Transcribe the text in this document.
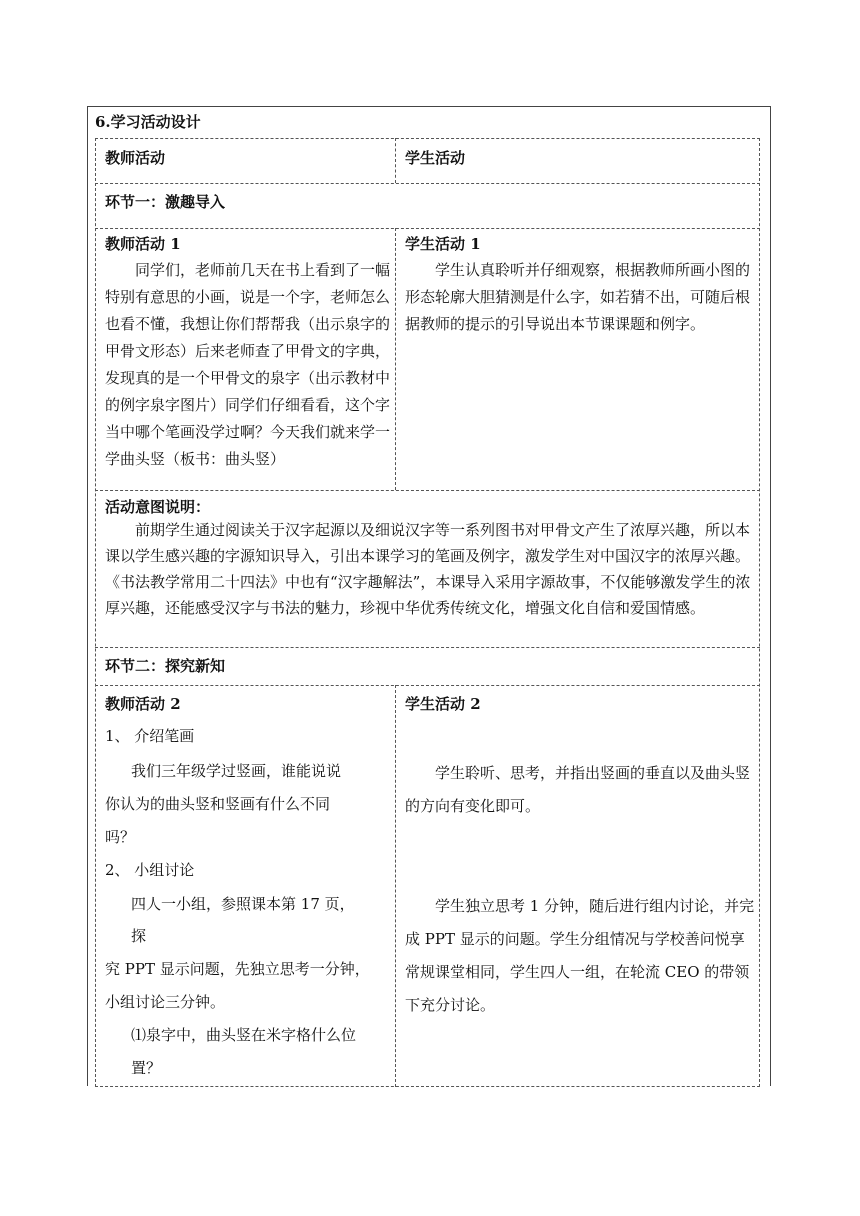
6.学习活动设计
教师活动	学生活动
环节一：激趣导入
教师活动 1

同学们，老师前几天在书上看到了一幅特别有意思的小画，说是一个字，老师怎么也看不懂，我想让你们帮帮我（出示泉字的甲骨文形态）后来老师查了甲骨文的字典，发现真的是一个甲骨文的泉字（出示教材中的例字泉字图片）同学们仔细看看，这个字当中哪个笔画没学过啊？今天我们就来学一学曲头竖（板书：曲头竖）

学生活动 1

学生认真聆听并仔细观察，根据教师所画小图的形态轮廓大胆猜测是什么字，如若猜不出，可随后根据教师的提示的引导说出本节课课题和例字。

活动意图说明：

前期学生通过阅读关于汉字起源以及细说汉字等一系列图书对甲骨文产生了浓厚兴趣，所以本课以学生感兴趣的字源知识导入，引出本课学习的笔画及例字，激发学生对中国汉字的浓厚兴趣。《书法教学常用二十四法》中也有“汉字趣解法”，本课导入采用字源故事，不仅能够激发学生的浓厚兴趣，还能感受汉字与书法的魅力，珍视中华优秀传统文化，增强文化自信和爱国情感。

环节二：探究新知
教师活动 2
1、 介绍笔画
我们三年级学过竖画，谁能说说
你认为的曲头竖和竖画有什么不同
吗？
2、 小组讨论
四人一小组，参照课本第 17 页，
探
究 PPT 显示问题，先独立思考一分钟，
小组讨论三分钟。
⑴泉字中，曲头竖在米字格什么位
置？
学生活动 2

学生聆听、思考，并指出竖画的垂直以及曲头竖的方向有变化即可。

学生独立思考 1 分钟，随后进行组内讨论，并完成 PPT 显示的问题。学生分组情况与学校善问悦享常规课堂相同，学生四人一组，在轮流 CEO 的带领下充分讨论。
